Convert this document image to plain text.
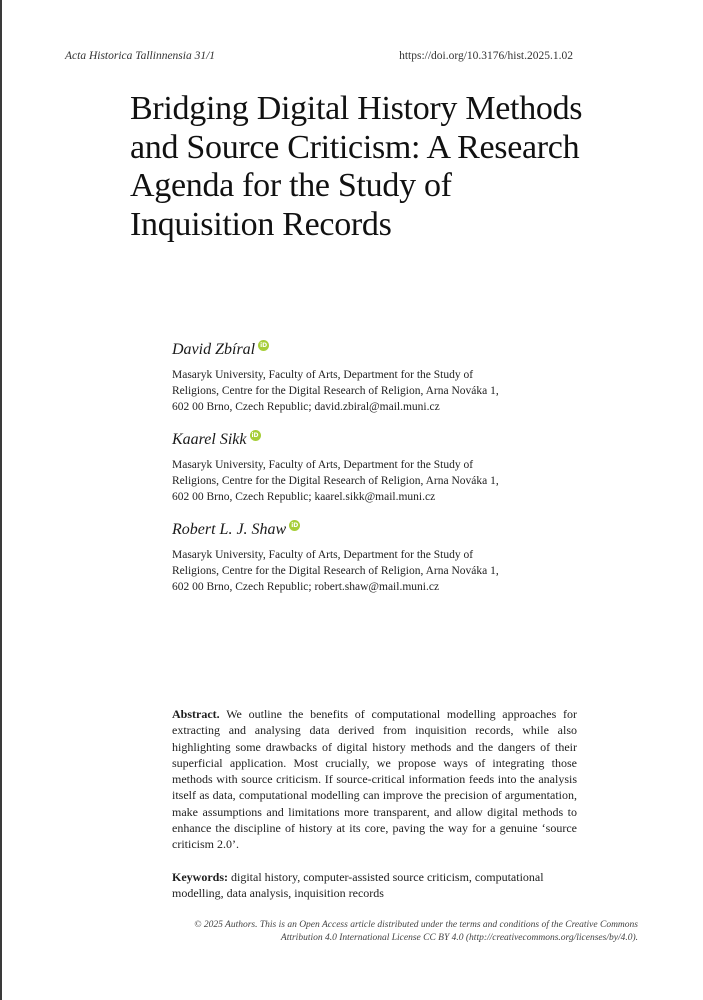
Acta Historica Tallinnensia 31/1	https://doi.org/10.3176/hist.2025.1.02
Bridging Digital History Methods and Source Criticism: A Research Agenda for the Study of Inquisition Records
David Zbíral iD
Masaryk University, Faculty of Arts, Department for the Study of
Religions, Centre for the Digital Research of Religion, Arna Nováka 1,
602 00 Brno, Czech Republic; david.zbiral@mail.muni.cz
Kaarel Sikk iD
Masaryk University, Faculty of Arts, Department for the Study of
Religions, Centre for the Digital Research of Religion, Arna Nováka 1,
602 00 Brno, Czech Republic; kaarel.sikk@mail.muni.cz
Robert L. J. Shaw iD
Masaryk University, Faculty of Arts, Department for the Study of
Religions, Centre for the Digital Research of Religion, Arna Nováka 1,
602 00 Brno, Czech Republic; robert.shaw@mail.muni.cz
Abstract. We outline the benefits of computational modelling approaches for extracting and analysing data derived from inquisition records, while also highlighting some drawbacks of digital history methods and the dangers of their superficial application. Most crucially, we propose ways of integrating those methods with source criticism. If source-critical information feeds into the analysis itself as data, computational modelling can improve the precision of argumentation, make assumptions and limitations more transparent, and allow digital methods to enhance the discipline of history at its core, paving the way for a genuine ‘source criticism 2.0’.
Keywords: digital history, computer-assisted source criticism, computational modelling, data analysis, inquisition records
© 2025 Authors. This is an Open Access article distributed under the terms and conditions of the Creative Commons
Attribution 4.0 International License CC BY 4.0 (http://creativecommons.org/licenses/by/4.0).
